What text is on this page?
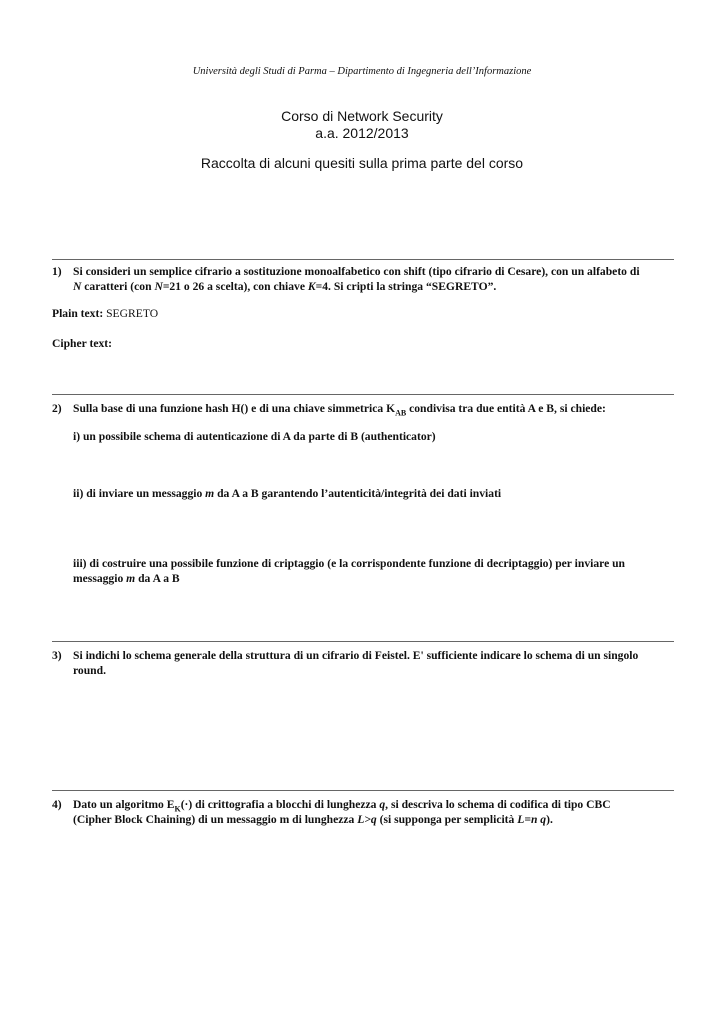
Università degli Studi di Parma – Dipartimento di Ingegneria dell’Informazione
Corso di Network Security
a.a. 2012/2013
Raccolta di alcuni quesiti sulla prima parte del corso
1) Si consideri un semplice cifrario a sostituzione monoalfabetico con shift (tipo cifrario di Cesare), con un alfabeto di
N caratteri (con N=21 o 26 a scelta), con chiave K=4. Si cripti la stringa “SEGRETO”.
Plain text: SEGRETO
Cipher text:
2) Sulla base di una funzione hash H() e di una chiave simmetrica $K_{AB}$ condivisa tra due entità A e B, si chiede:
i) un possibile schema di autenticazione di A da parte di B (authenticator)
ii) di inviare un messaggio m da A a B garantendo l’autenticità/integrità dei dati inviati
iii) di costruire una possibile funzione di criptaggio (e la corrispondente funzione di decriptaggio) per inviare un
messaggio m da A a B
3) Si indichi lo schema generale della struttura di un cifrario di Feistel. E' sufficiente indicare lo schema di un singolo
round.
4) Dato un algoritmo $E_K(\cdot)$ di crittografia a blocchi di lunghezza q, si descriva lo schema di codifica di tipo CBC
(Cipher Block Chaining) di un messaggio m di lunghezza L>q (si supponga per semplicità L=n q).
